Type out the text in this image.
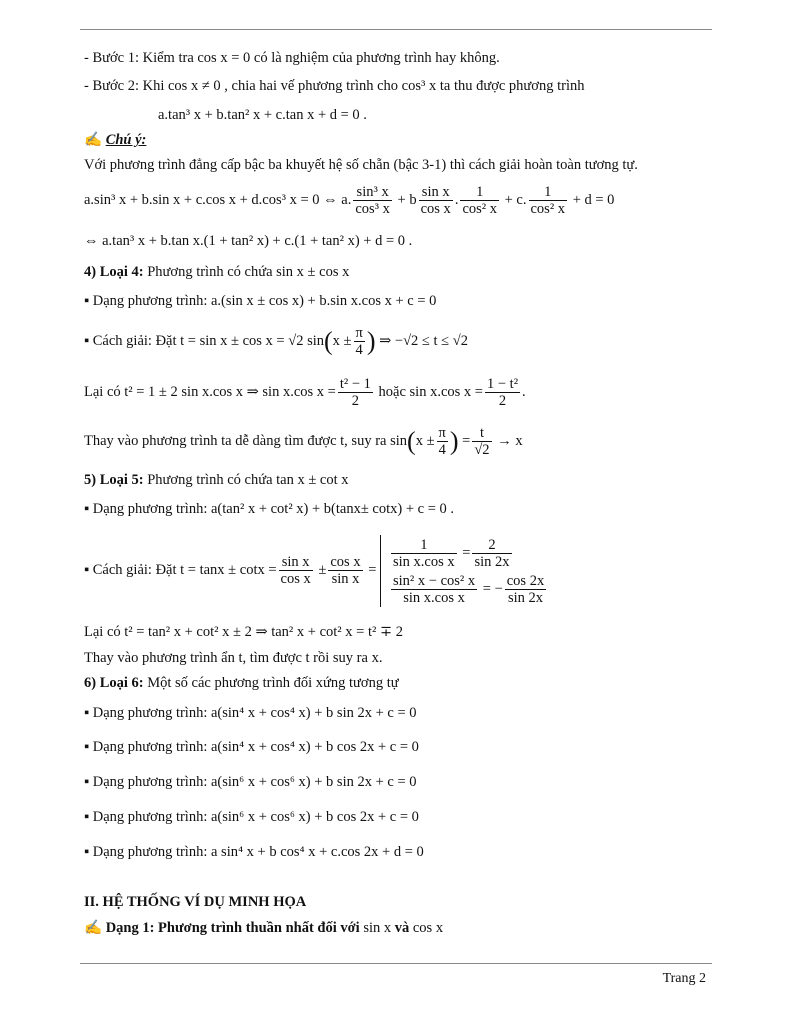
- Bước 1: Kiểm tra cos x = 0 có là nghiệm của phương trình hay không.
- Bước 2: Khi cos x ≠ 0 , chia hai vế phương trình cho cos³ x ta thu được phương trình
a.tan³ x + b.tan² x + c.tan x + d = 0 .
✍ Chú ý:
Với phương trình đẳng cấp bậc ba khuyết hệ số chẵn (bậc 3-1) thì cách giải hoàn toàn tương tự.
a.sin³ x + b.sin x + c.cos x + d.cos³ x = 0 ⇔ a. $\frac{\text{sin³ x}}{\text{cos³ x}} + b \frac{\text{sin x}}{\text{cos x}}$ . $\frac{1}{\text{cos² x}} + c$. $\frac{1}{\text{cos² x}} + d = 0$
⇔ a.tan³ x + b.tan x.(1 + tan² x) + c.(1 + tan² x) + d = 0 .
4) Loại 4: Phương trình có chứa sin x ± cos x
▪ Dạng phương trình: a.(sin x ± cos x) + b.sin x.cos x + c = 0
▪ Cách giải: Đặt t = sin x ± cos x = √2 $\sin(x \pm \frac{\pi}{4}$ ) ⇒ −√2 ≤ t ≤ √2
Lại có t² = 1 ± 2 sin x.cos x ⇒ sin x.cos $x = \frac{\text{t² − 1}}{2}$ hoặc sin x.cos $x = \frac{\text{1 − t²}}{2}$ .
Thay vào phương trình ta dễ dàng tìm được t, suy ra $\sin(x \pm \frac{\pi}{4}$ ) = $\frac{t}{√2} \to x$
5) Loại 5: Phương trình có chứa tan x ± cot x
▪ Dạng phương trình: a(tan² x + cot² x) + b(tanx± cotx) + c = 0 .
▪ Cách giải: Đặt $t = \tan x \pm \cot x = \frac{\text{sin x}}{\text{cos x}} \pm \frac{\text{cos x}}{\text{sin x}}$ =
$\frac{1}{\text{sin x.cos x}} = \frac{2}{\sin 2x}$
$\frac{\text{sin² x − cos² x}}{\text{sin x.cos x}}$ = − $\frac{\cos 2x}{\sin 2x}$
Lại có t² = tan² x + cot² x ± 2 ⇒ tan² x + cot² x = t² ∓ 2
Thay vào phương trình ẩn t, tìm được t rồi suy ra x.
6) Loại 6: Một số các phương trình đối xứng tương tự
▪ Dạng phương trình: a(sin⁴ x + cos⁴ x) + b sin 2x + c = 0
▪ Dạng phương trình: a(sin⁴ x + cos⁴ x) + b cos 2x + c = 0
▪ Dạng phương trình: a(sin⁶ x + cos⁶ x) + b sin 2x + c = 0
▪ Dạng phương trình: a(sin⁶ x + cos⁶ x) + b cos 2x + c = 0
▪ Dạng phương trình: a sin⁴ x + b cos⁴ x + c.cos 2x + d = 0
II. HỆ THỐNG VÍ DỤ MINH HỌA
✍ Dạng 1: Phương trình thuần nhất đối với sin x và cos x
Trang 2
